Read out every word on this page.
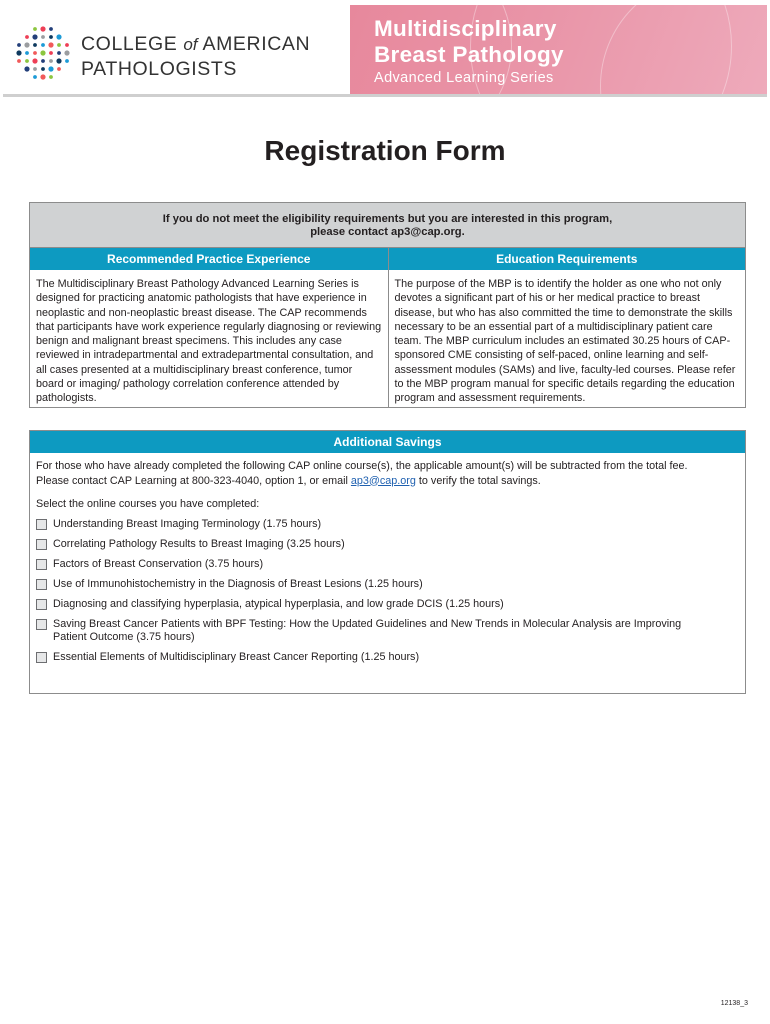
COLLEGE of AMERICAN
PATHOLOGISTS
Multidisciplinary
Breast Pathology
Advanced Learning Series
Registration Form
If you do not meet the eligibility requirements but you are interested in this program,
please contact ap3@cap.org.
Recommended Practice Experience
The Multidisciplinary Breast Pathology Advanced Learning Series is designed for practicing anatomic pathologists that have experience in neoplastic and non-neoplastic breast disease. The CAP recommends that participants have work experience regularly diagnosing or reviewing benign and malignant breast specimens. This includes any case reviewed in intradepartmental and extradepartmental consultation, and all cases presented at a multidisciplinary breast conference, tumor board or imaging/ pathology correlation conference attended by pathologists.
Education Requirements
The purpose of the MBP is to identify the holder as one who not only devotes a significant part of his or her medical practice to breast disease, but who has also committed the time to demonstrate the skills necessary to be an essential part of a multidisciplinary patient care team. The MBP curriculum includes an estimated 30.25 hours of CAP-sponsored CME consisting of self-paced, online learning and self-assessment modules (SAMs) and live, faculty-led courses. Please refer to the MBP program manual for specific details regarding the education program and assessment requirements.
Additional Savings
For those who have already completed the following CAP online course(s), the applicable amount(s) will be subtracted from the total fee.
Please contact CAP Learning at 800-323-4040, option 1, or email ap3@cap.org to verify the total savings.
Select the online courses you have completed:
Understanding Breast Imaging Terminology (1.75 hours)
Correlating Pathology Results to Breast Imaging (3.25 hours)
Factors of Breast Conservation (3.75 hours)
Use of Immunohistochemistry in the Diagnosis of Breast Lesions (1.25 hours)
Diagnosing and classifying hyperplasia, atypical hyperplasia, and low grade DCIS (1.25 hours)
Saving Breast Cancer Patients with BPF Testing: How the Updated Guidelines and New Trends in Molecular Analysis are Improving Patient Outcome (3.75 hours)
Essential Elements of Multidisciplinary Breast Cancer Reporting (1.25 hours)
12138_3
